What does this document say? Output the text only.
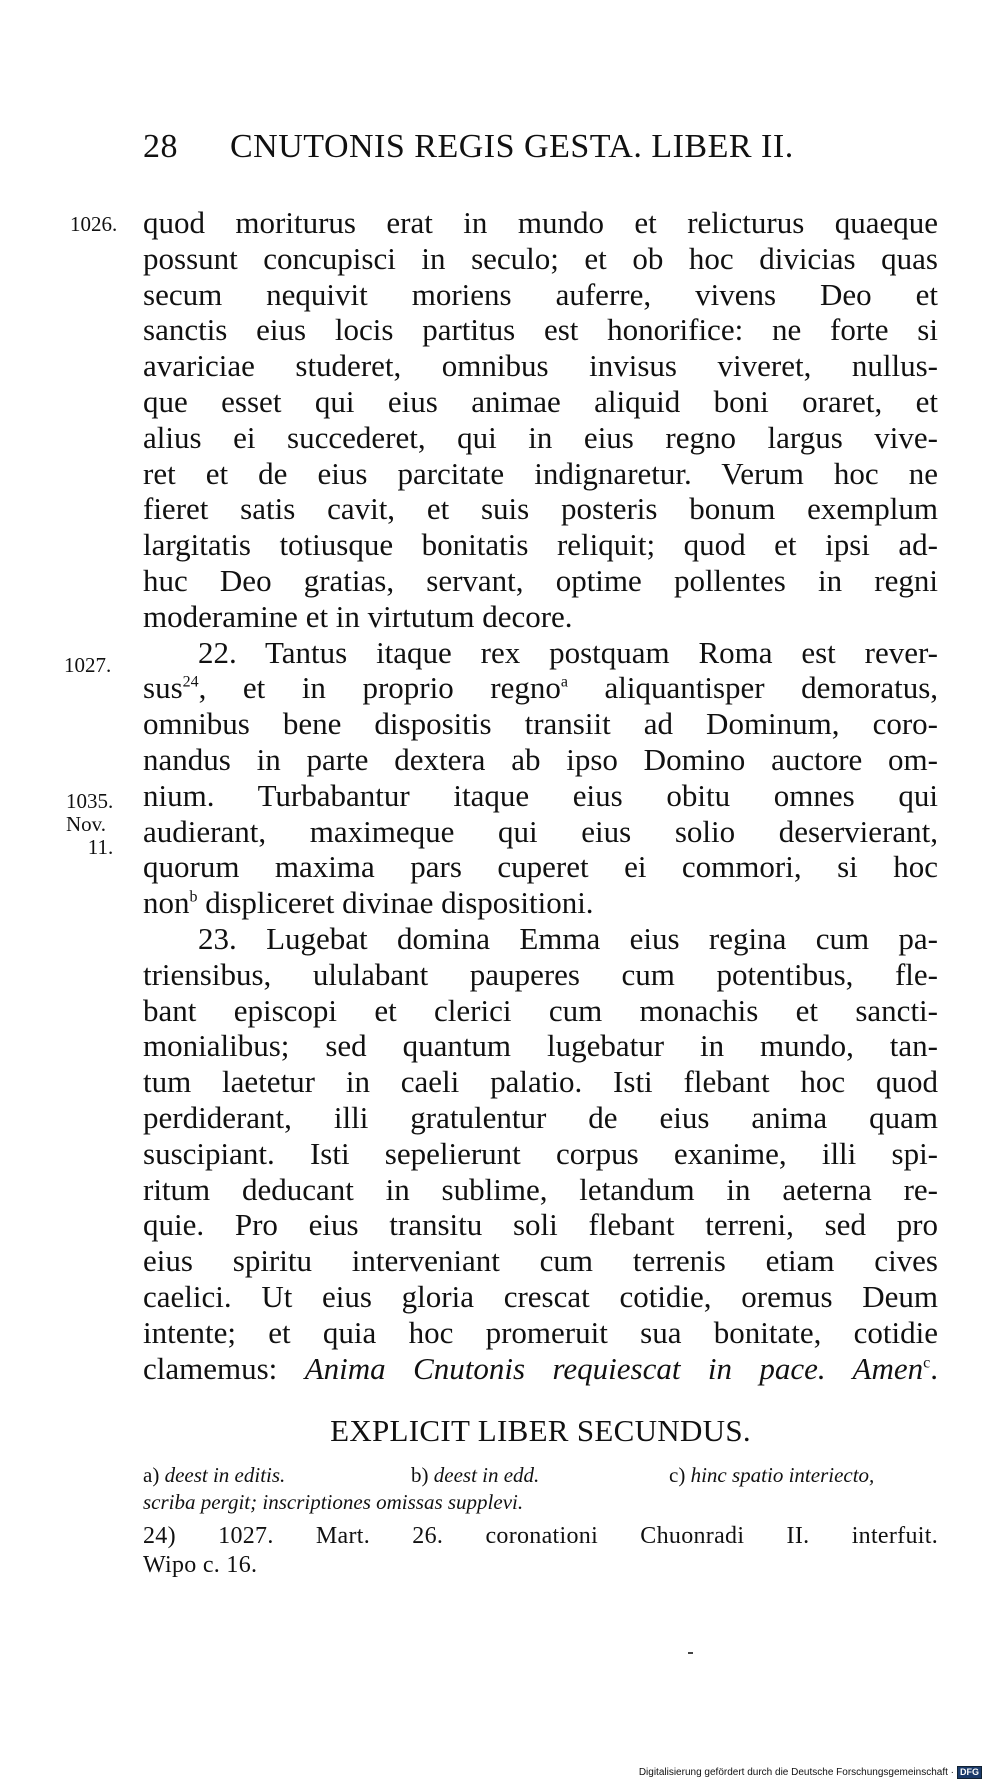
28 CNUTONIS REGIS GESTA. LIBER II.
1026.
1027.
1035.
Nov.
11.
quod moriturus erat in mundo et relicturus quaeque
possunt concupisci in seculo; et ob hoc divicias quas
secum nequivit moriens auferre, vivens Deo et
sanctis eius locis partitus est honorifice: ne forte si
avariciae studeret, omnibus invisus viveret, nullus-
que esset qui eius animae aliquid boni oraret, et
alius ei succederet, qui in eius regno largus vive-
ret et de eius parcitate indignaretur. Verum hoc ne
fieret satis cavit, et suis posteris bonum exemplum
largitatis totiusque bonitatis reliquit; quod et ipsi ad-
huc Deo gratias, servant, optime pollentes in regni
moderamine et in virtutum decore.
22. Tantus itaque rex postquam Roma est rever-
sus$^{24}$, et in proprio regno$^a$ aliquantisper demoratus,
omnibus bene dispositis transiit ad Dominum, coro-
nandus in parte dextera ab ipso Domino auctore om-
nium. Turbabantur itaque eius obitu omnes qui
audierant, maximeque qui eius solio deservierant,
quorum maxima pars cuperet ei commori, si hoc
non$^b$ displiceret divinae dispositioni.
23. Lugebat domina Emma eius regina cum pa-
triensibus, ululabant pauperes cum potentibus, fle-
bant episcopi et clerici cum monachis et sancti-
monialibus; sed quantum lugebatur in mundo, tan-
tum laetetur in caeli palatio. Isti flebant hoc quod
perdiderant, illi gratulentur de eius anima quam
suscipiant. Isti sepelierunt corpus exanime, illi spi-
ritum deducant in sublime, letandum in aeterna re-
quie. Pro eius transitu soli flebant terreni, sed pro
eius spiritu interveniant cum terrenis etiam cives
caelici. Ut eius gloria crescat cotidie, oremus Deum
intente; et quia hoc promeruit sua bonitate, cotidie
clamemus: Anima Cnutonis requiescat in pace. Amen$^c$.
EXPLICIT LIBER SECUNDUS.
a) deest in editis.	b) deest in edd.	c) hinc spatio interiecto,
scriba pergit; inscriptiones omissas supplevi.
24) 1027. Mart. 26. coronationi Chuonradi II. interfuit.
Wipo c. 16.
Digitalisierung gefördert durch die Deutsche Forschungsgemeinschaft · DFG
